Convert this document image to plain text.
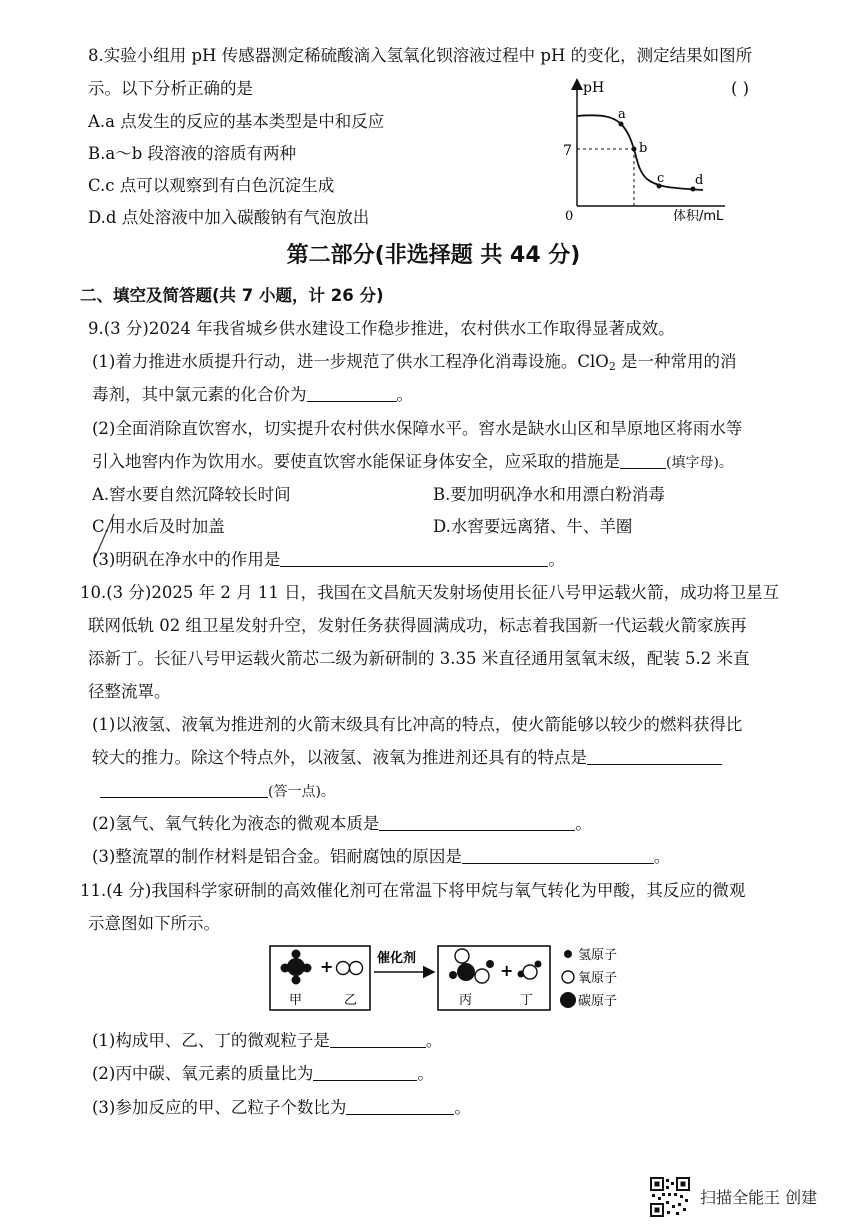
8.实验小组用 pH 传感器测定稀硫酸滴入氢氧化钡溶液过程中 pH 的变化，测定结果如图所
示。以下分析正确的是	( )
A.a 点发生的反应的基本类型是中和反应
B.a～b 段溶液的溶质有两种
C.c 点可以观察到有白色沉淀生成
D.d 点处溶液中加入碳酸钠有气泡放出
pH
7
0	体积/mL
a
b
c d
第二部分(非选择题 共 44 分)
二、填空及简答题(共 7 小题，计 26 分)
9.(3 分)2024 年我省城乡供水建设工作稳步推进，农村供水工作取得显著成效。
(1)着力推进水质提升行动，进一步规范了供水工程净化消毒设施。ClO$_2$ 是一种常用的消
毒剂，其中氯元素的化合价为	。
(2)全面消除直饮窖水，切实提升农村供水保障水平。窖水是缺水山区和旱原地区将雨水等
引入地窖内作为饮用水。要使直饮窖水能保证身体安全，应采取的措施是	(填字母)。
A.窖水要自然沉降较长时间	B.要加明矾净水和用漂白粉消毒
C.用水后及时加盖	D.水窖要远离猪、牛、羊圈
(3)明矾在净水中的作用是	。
10.(3 分)2025 年 2 月 11 日，我国在文昌航天发射场使用长征八号甲运载火箭，成功将卫星互
联网低轨 02 组卫星发射升空，发射任务获得圆满成功，标志着我国新一代运载火箭家族再
添新丁。长征八号甲运载火箭芯二级为新研制的 3.35 米直径通用氢氧末级，配装 5.2 米直
径整流罩。
(1)以液氢、液氧为推进剂的火箭末级具有比冲高的特点，使火箭能够以较少的燃料获得比
较大的推力。除这个特点外，以液氢、液氧为推进剂还具有的特点是
(答一点)。
(2)氢气、氧气转化为液态的微观本质是	。
(3)整流罩的制作材料是铝合金。铝耐腐蚀的原因是	。
11.(4 分)我国科学家研制的高效催化剂可在常温下将甲烷与氧气转化为甲酸，其反应的微观
示意图如下所示。
+
甲	乙
催化剂
+
丙	丁
氢原子
氧原子
碳原子
(1)构成甲、乙、丁的微观粒子是	。
(2)丙中碳、氧元素的质量比为	。
(3)参加反应的甲、乙粒子个数比为	。
扫描全能王 创建
